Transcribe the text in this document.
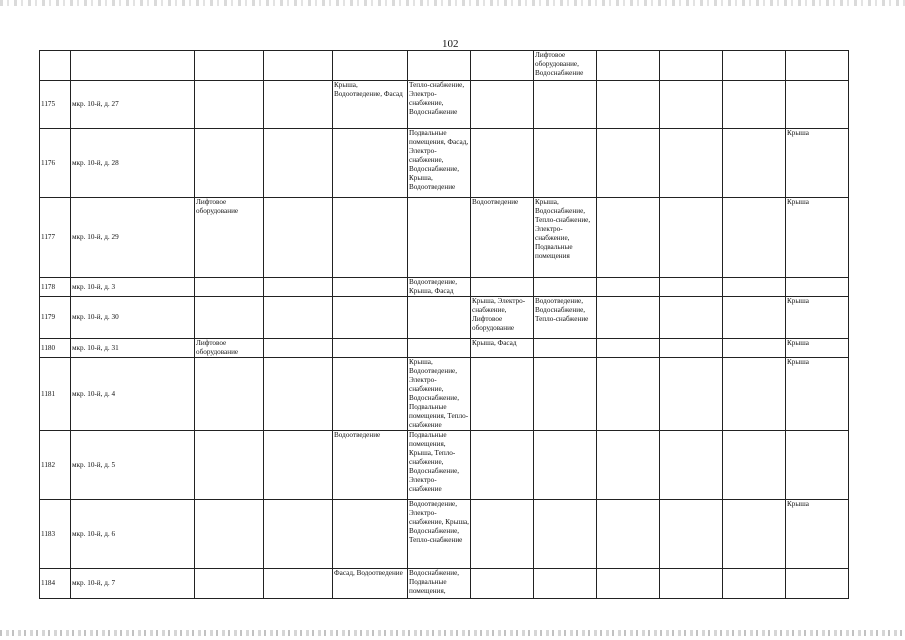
102
							Лифтовое оборудование, Водоснабжение				
1175	мкр. 10-й, д. 27			Крыша, Водоотведение, Фасад	Тепло-снабжение, Электро-снабжение, Водоснабжение						
1176	мкр. 10-й, д. 28				Подвальные помещения, Фасад, Электро-снабжение, Водоснабжение, Крыша, Водоотведение						Крыша
1177	мкр. 10-й, д. 29	Лифтовое оборудование				Водоотведение	Крыша, Водоснабжение, Тепло-снабжение, Электро-снабжение, Подвальные помещения				Крыша
1178	мкр. 10-й, д. 3				Водоотведение, Крыша, Фасад						
1179	мкр. 10-й, д. 30					Крыша, Электро-снабжение, Лифтовое оборудование	Водоотведение, Водоснабжение, Тепло-снабжение				Крыша
1180	мкр. 10-й, д. 31	Лифтовое оборудование				Крыша, Фасад					Крыша
1181	мкр. 10-й, д. 4				Крыша, Водоотведение, Электро-снабжение, Водоснабжение, Подвальные помещения, Тепло-снабжение						Крыша
1182	мкр. 10-й, д. 5			Водоотведение	Подвальные помещения, Крыша, Тепло-снабжение, Водоснабжение, Электро-снабжение						
1183	мкр. 10-й, д. 6				Водоотведение, Электро-снабжение, Крыша, Водоснабжение, Тепло-снабжение						Крыша
1184	мкр. 10-й, д. 7			Фасад, Водоотведение	Водоснабжение, Подвальные помещения,						
